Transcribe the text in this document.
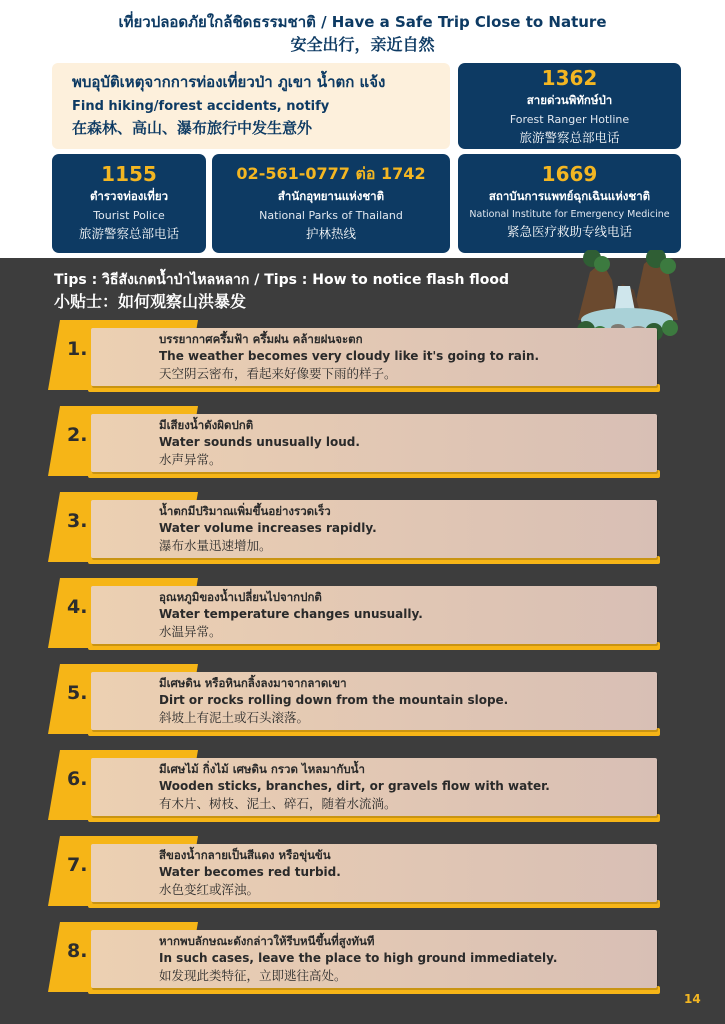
เที่ยวปลอดภัยใกล้ชิดธรรมชาติ / Have a Safe Trip Close to Nature
安全出行，亲近自然
พบอุบัติเหตุจากการท่องเที่ยวป่า ภูเขา น้ำตก แจ้ง
Find hiking/forest accidents, notify
在森林、高山、瀑布旅行中发生意外
1362
สายด่วนพิทักษ์ป่า
Forest Ranger Hotline
旅游警察总部电话
1155
ตำรวจท่องเที่ยว
Tourist Police
旅游警察总部电话
02-561-0777 ต่อ 1742
สำนักอุทยานแห่งชาติ
National Parks of Thailand
护林热线
1669
สถาบันการแพทย์ฉุกเฉินแห่งชาติ
National Institute for Emergency Medicine
紧急医疗救助专线电话
Tips : วิธีสังเกตน้ำป่าไหลหลาก / Tips : How to notice flash flood
小贴士：如何观察山洪暴发
1.	บรรยากาศครึ้มฟ้า ครึ้มฝน คล้ายฝนจะตก
The weather becomes very cloudy like it's going to rain.
天空阴云密布，看起来好像要下雨的样子。
2.	มีเสียงน้ำดังผิดปกติ
Water sounds unusually loud.
水声异常。
3.	น้ำตกมีปริมาณเพิ่มขึ้นอย่างรวดเร็ว
Water volume increases rapidly.
瀑布水量迅速增加。
4.	อุณหภูมิของน้ำเปลี่ยนไปจากปกติ
Water temperature changes unusually.
水温异常。
5.	มีเศษดิน หรือหินกลิ้งลงมาจากลาดเขา
Dirt or rocks rolling down from the mountain slope.
斜坡上有泥土或石头滚落。
6.	มีเศษไม้ กิ่งไม้ เศษดิน กรวด ไหลมากับน้ำ
Wooden sticks, branches, dirt, or gravels flow with water.
有木片、树枝、泥土、碎石，随着水流淌。
7.	สีของน้ำกลายเป็นสีแดง หรือขุ่นข้น
Water becomes red turbid.
水色变红或浑浊。
8.	หากพบลักษณะดังกล่าวให้รีบหนีขึ้นที่สูงทันที
In such cases, leave the place to high ground immediately.
如发现此类特征，立即逃往高处。
14
